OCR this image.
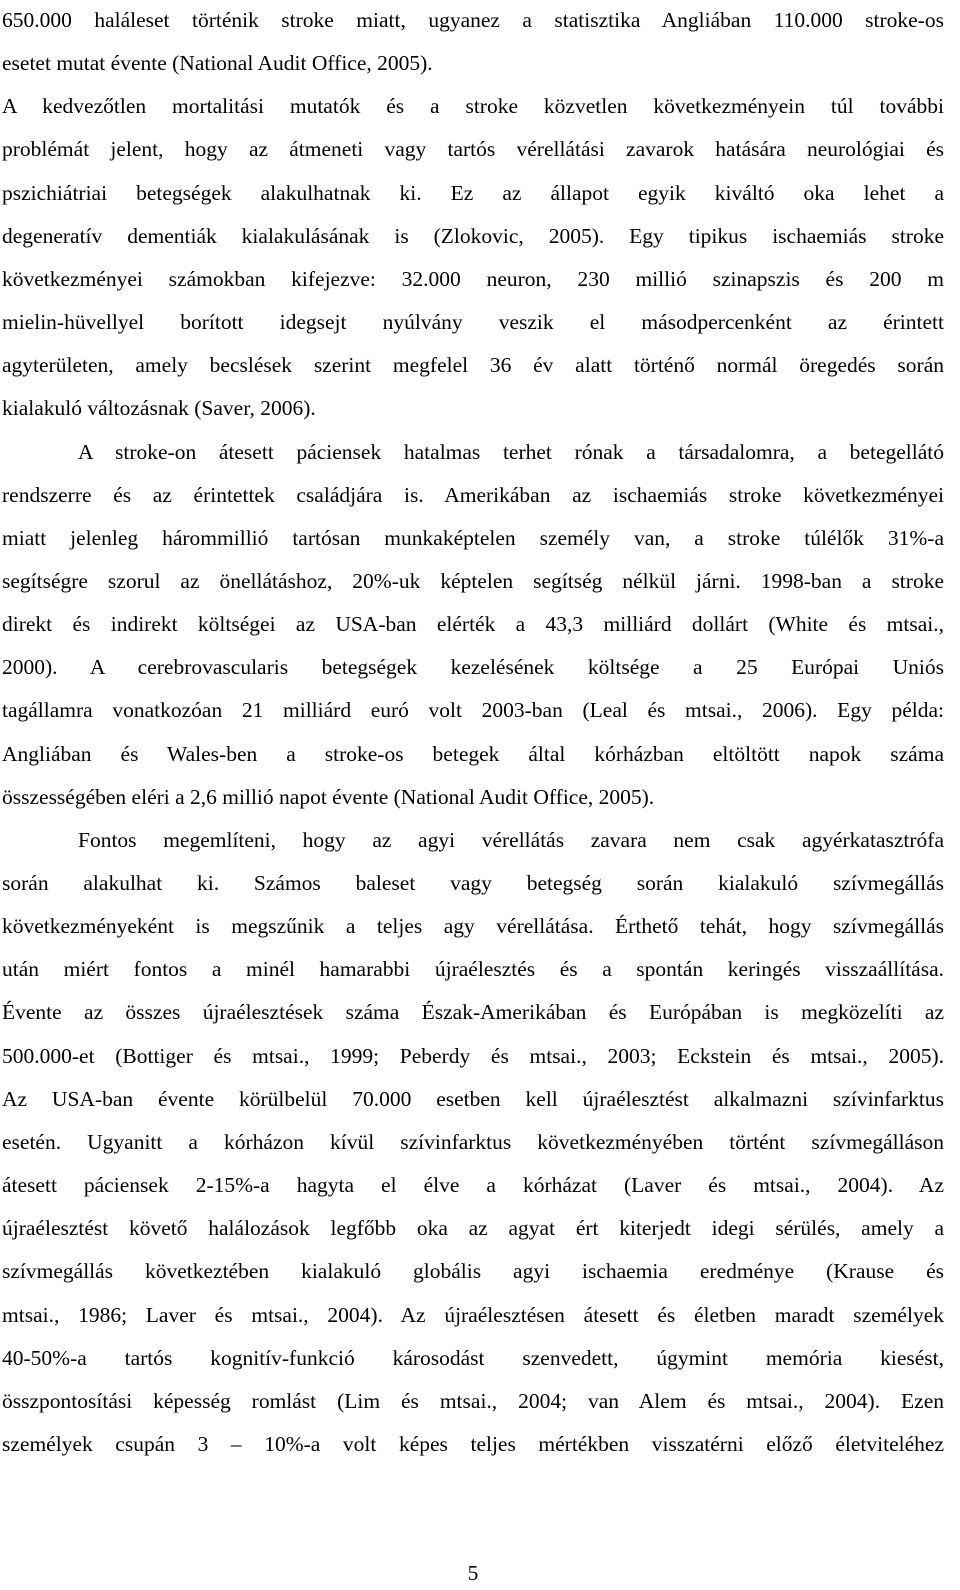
650.000 haláleset történik stroke miatt, ugyanez a statisztika Angliában 110.000 stroke-os
esetet mutat évente (National Audit Office, 2005).
A kedvezőtlen mortalitási mutatók és a stroke közvetlen következményein túl további
problémát jelent, hogy az átmeneti vagy tartós vérellátási zavarok hatására neurológiai és
pszichiátriai betegségek alakulhatnak ki. Ez az állapot egyik kiváltó oka lehet a
degeneratív dementiák kialakulásának is (Zlokovic, 2005). Egy tipikus ischaemiás stroke
következményei számokban kifejezve: 32.000 neuron, 230 millió szinapszis és 200 m
mielin-hüvellyel borított idegsejt nyúlvány veszik el másodpercenként az érintett
agyterületen, amely becslések szerint megfelel 36 év alatt történő normál öregedés során
kialakuló változásnak (Saver, 2006).
A stroke-on átesett páciensek hatalmas terhet rónak a társadalomra, a betegellátó
rendszerre és az érintettek családjára is. Amerikában az ischaemiás stroke következményei
miatt jelenleg hárommillió tartósan munkaképtelen személy van, a stroke túlélők 31%-a
segítségre szorul az önellátáshoz, 20%-uk képtelen segítség nélkül járni. 1998-ban a stroke
direkt és indirekt költségei az USA-ban elérték a 43,3 milliárd dollárt (White és mtsai.,
2000). A cerebrovascularis betegségek kezelésének költsége a 25 Európai Uniós
tagállamra vonatkozóan 21 milliárd euró volt 2003-ban (Leal és mtsai., 2006). Egy példa:
Angliában és Wales-ben a stroke-os betegek által kórházban eltöltött napok száma
összességében eléri a 2,6 millió napot évente (National Audit Office, 2005).
Fontos megemlíteni, hogy az agyi vérellátás zavara nem csak agyérkatasztrófa
során alakulhat ki. Számos baleset vagy betegség során kialakuló szívmegállás
következményeként is megszűnik a teljes agy vérellátása. Érthető tehát, hogy szívmegállás
után miért fontos a minél hamarabbi újraélesztés és a spontán keringés visszaállítása.
Évente az összes újraélesztések száma Észak-Amerikában és Európában is megközelíti az
500.000-et (Bottiger és mtsai., 1999; Peberdy és mtsai., 2003; Eckstein és mtsai., 2005).
Az USA-ban évente körülbelül 70.000 esetben kell újraélesztést alkalmazni szívinfarktus
esetén. Ugyanitt a kórházon kívül szívinfarktus következményében történt szívmegálláson
átesett páciensek 2-15%-a hagyta el élve a kórházat (Laver és mtsai., 2004). Az
újraélesztést követő halálozások legfőbb oka az agyat ért kiterjedt idegi sérülés, amely a
szívmegállás következtében kialakuló globális agyi ischaemia eredménye (Krause és
mtsai., 1986; Laver és mtsai., 2004). Az újraélesztésen átesett és életben maradt személyek
40-50%-a tartós kognitív-funkció károsodást szenvedett, úgymint memória kiesést,
összpontosítási képesség romlást (Lim és mtsai., 2004; van Alem és mtsai., 2004). Ezen
személyek csupán 3 – 10%-a volt képes teljes mértékben visszatérni előző életviteléhez
5
